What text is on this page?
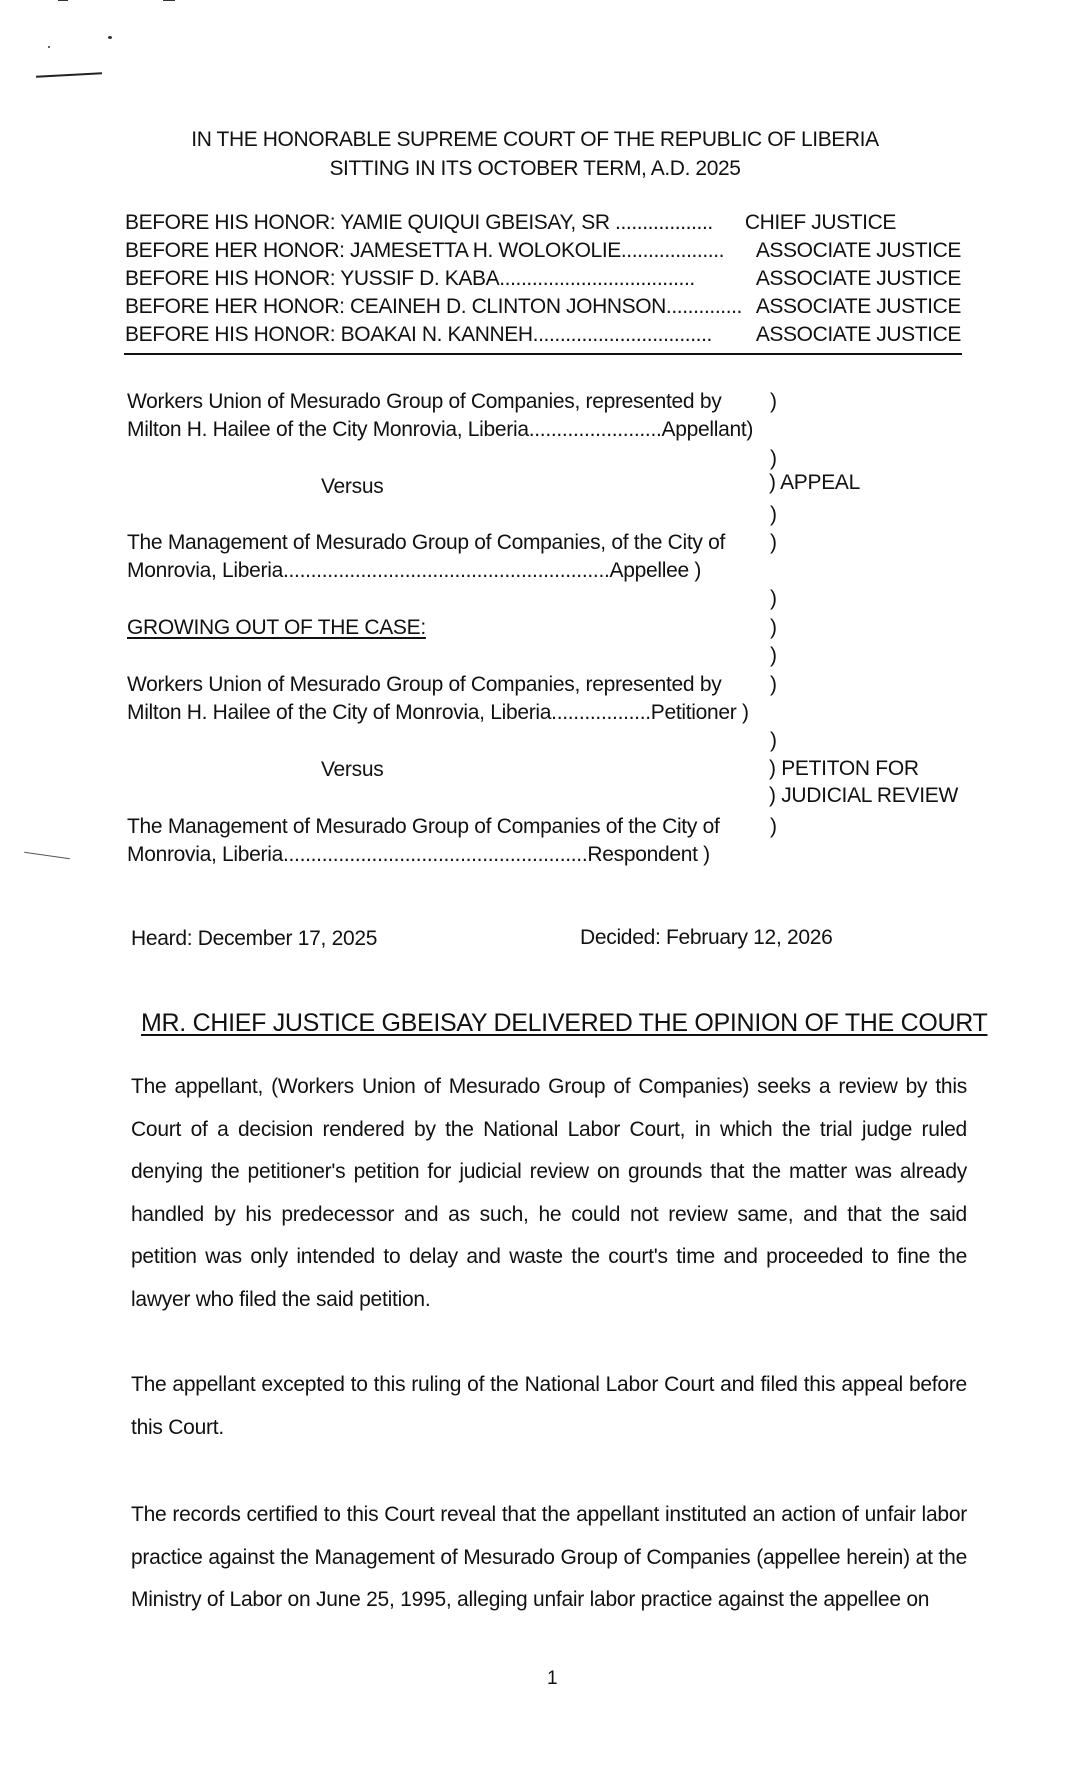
IN THE HONORABLE SUPREME COURT OF THE REPUBLIC OF LIBERIA
SITTING IN ITS OCTOBER TERM, A.D. 2025
BEFORE HIS HONOR: YAMIE QUIQUI GBEISAY, SR .................. CHIEF JUSTICE
BEFORE HER HONOR: JAMESETTA H. WOLOKOLIE................... ASSOCIATE JUSTICE
BEFORE HIS HONOR: YUSSIF D. KABA....................................	ASSOCIATE JUSTICE
BEFORE HER HONOR: CEAINEH D. CLINTON JOHNSON.............. ASSOCIATE JUSTICE
BEFORE HIS HONOR: BOAKAI N. KANNEH................................. ASSOCIATE JUSTICE
Workers Union of Mesurado Group of Companies, represented by
Milton H. Hailee of the City Monrovia, Liberia........................Appellant)
Versus	) APPEAL
The Management of Mesurado Group of Companies, of the City of
Monrovia, Liberia...........................................................Appellee )
GROWING OUT OF THE CASE:
Workers Union of Mesurado Group of Companies, represented by
Milton H. Hailee of the City of Monrovia, Liberia..................Petitioner )
Versus	) PETITON FOR
) JUDICIAL REVIEW
The Management of Mesurado Group of Companies of the City of
Monrovia, Liberia.......................................................Respondent )
)
)
)
)
)
)
)
)
)
)
Heard: December 17, 2025	Decided: February 12, 2026
MR. CHIEF JUSTICE GBEISAY DELIVERED THE OPINION OF THE COURT
The appellant, (Workers Union of Mesurado Group of Companies) seeks a review by this Court of a decision rendered by the National Labor Court, in which the trial judge ruled denying the petitioner's petition for judicial review on grounds that the matter was already handled by his predecessor and as such, he could not review same, and that the said petition was only intended to delay and waste the court's time and proceeded to fine the lawyer who filed the said petition.
The appellant excepted to this ruling of the National Labor Court and filed this appeal before this Court.
The records certified to this Court reveal that the appellant instituted an action of unfair labor practice against the Management of Mesurado Group of Companies (appellee herein) at the Ministry of Labor on June 25, 1995, alleging unfair labor practice against the appellee on
1
